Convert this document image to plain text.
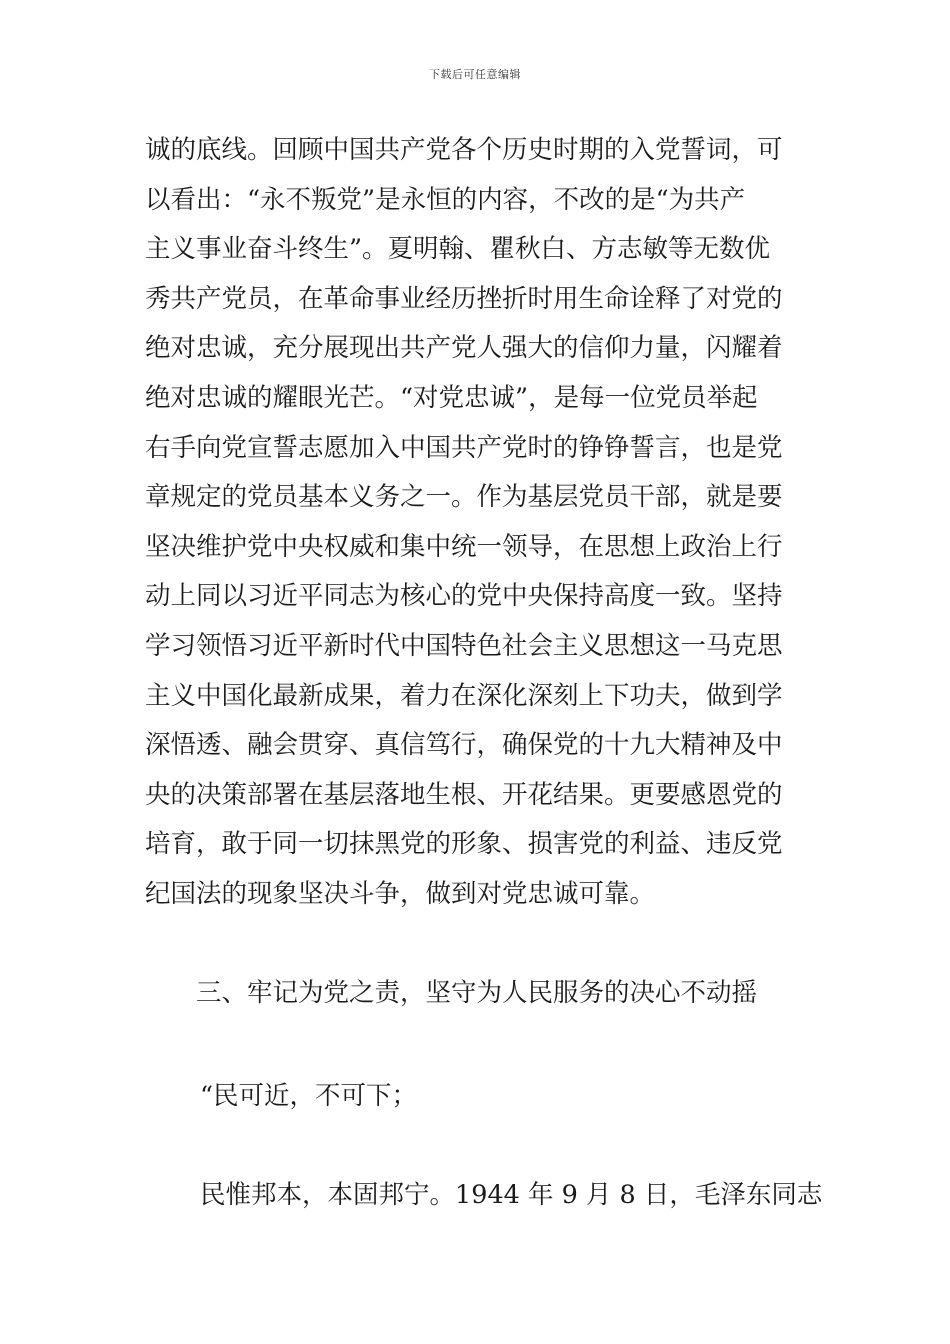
下载后可任意编辑
诚的底线。回顾中国共产党各个历史时期的入党誓词，可
以看出：“永不叛党”是永恒的内容，不改的是“为共产
主义事业奋斗终生”。夏明翰、瞿秋白、方志敏等无数优
秀共产党员，在革命事业经历挫折时用生命诠释了对党的
绝对忠诚，充分展现出共产党人强大的信仰力量，闪耀着
绝对忠诚的耀眼光芒。“对党忠诚”，是每一位党员举起
右手向党宣誓志愿加入中国共产党时的铮铮誓言，也是党
章规定的党员基本义务之一。作为基层党员干部，就是要
坚决维护党中央权威和集中统一领导，在思想上政治上行
动上同以习近平同志为核心的党中央保持高度一致。坚持
学习领悟习近平新时代中国特色社会主义思想这一马克思
主义中国化最新成果，着力在深化深刻上下功夫，做到学
深悟透、融会贯穿、真信笃行，确保党的十九大精神及中
央的决策部署在基层落地生根、开花结果。更要感恩党的
培育，敢于同一切抹黑党的形象、损害党的利益、违反党
纪国法的现象坚决斗争，做到对党忠诚可靠。
三、牢记为党之责，坚守为人民服务的决心不动摇
“民可近，不可下；
民惟邦本，本固邦宁。1944 年 9 月 8 日，毛泽东同志
